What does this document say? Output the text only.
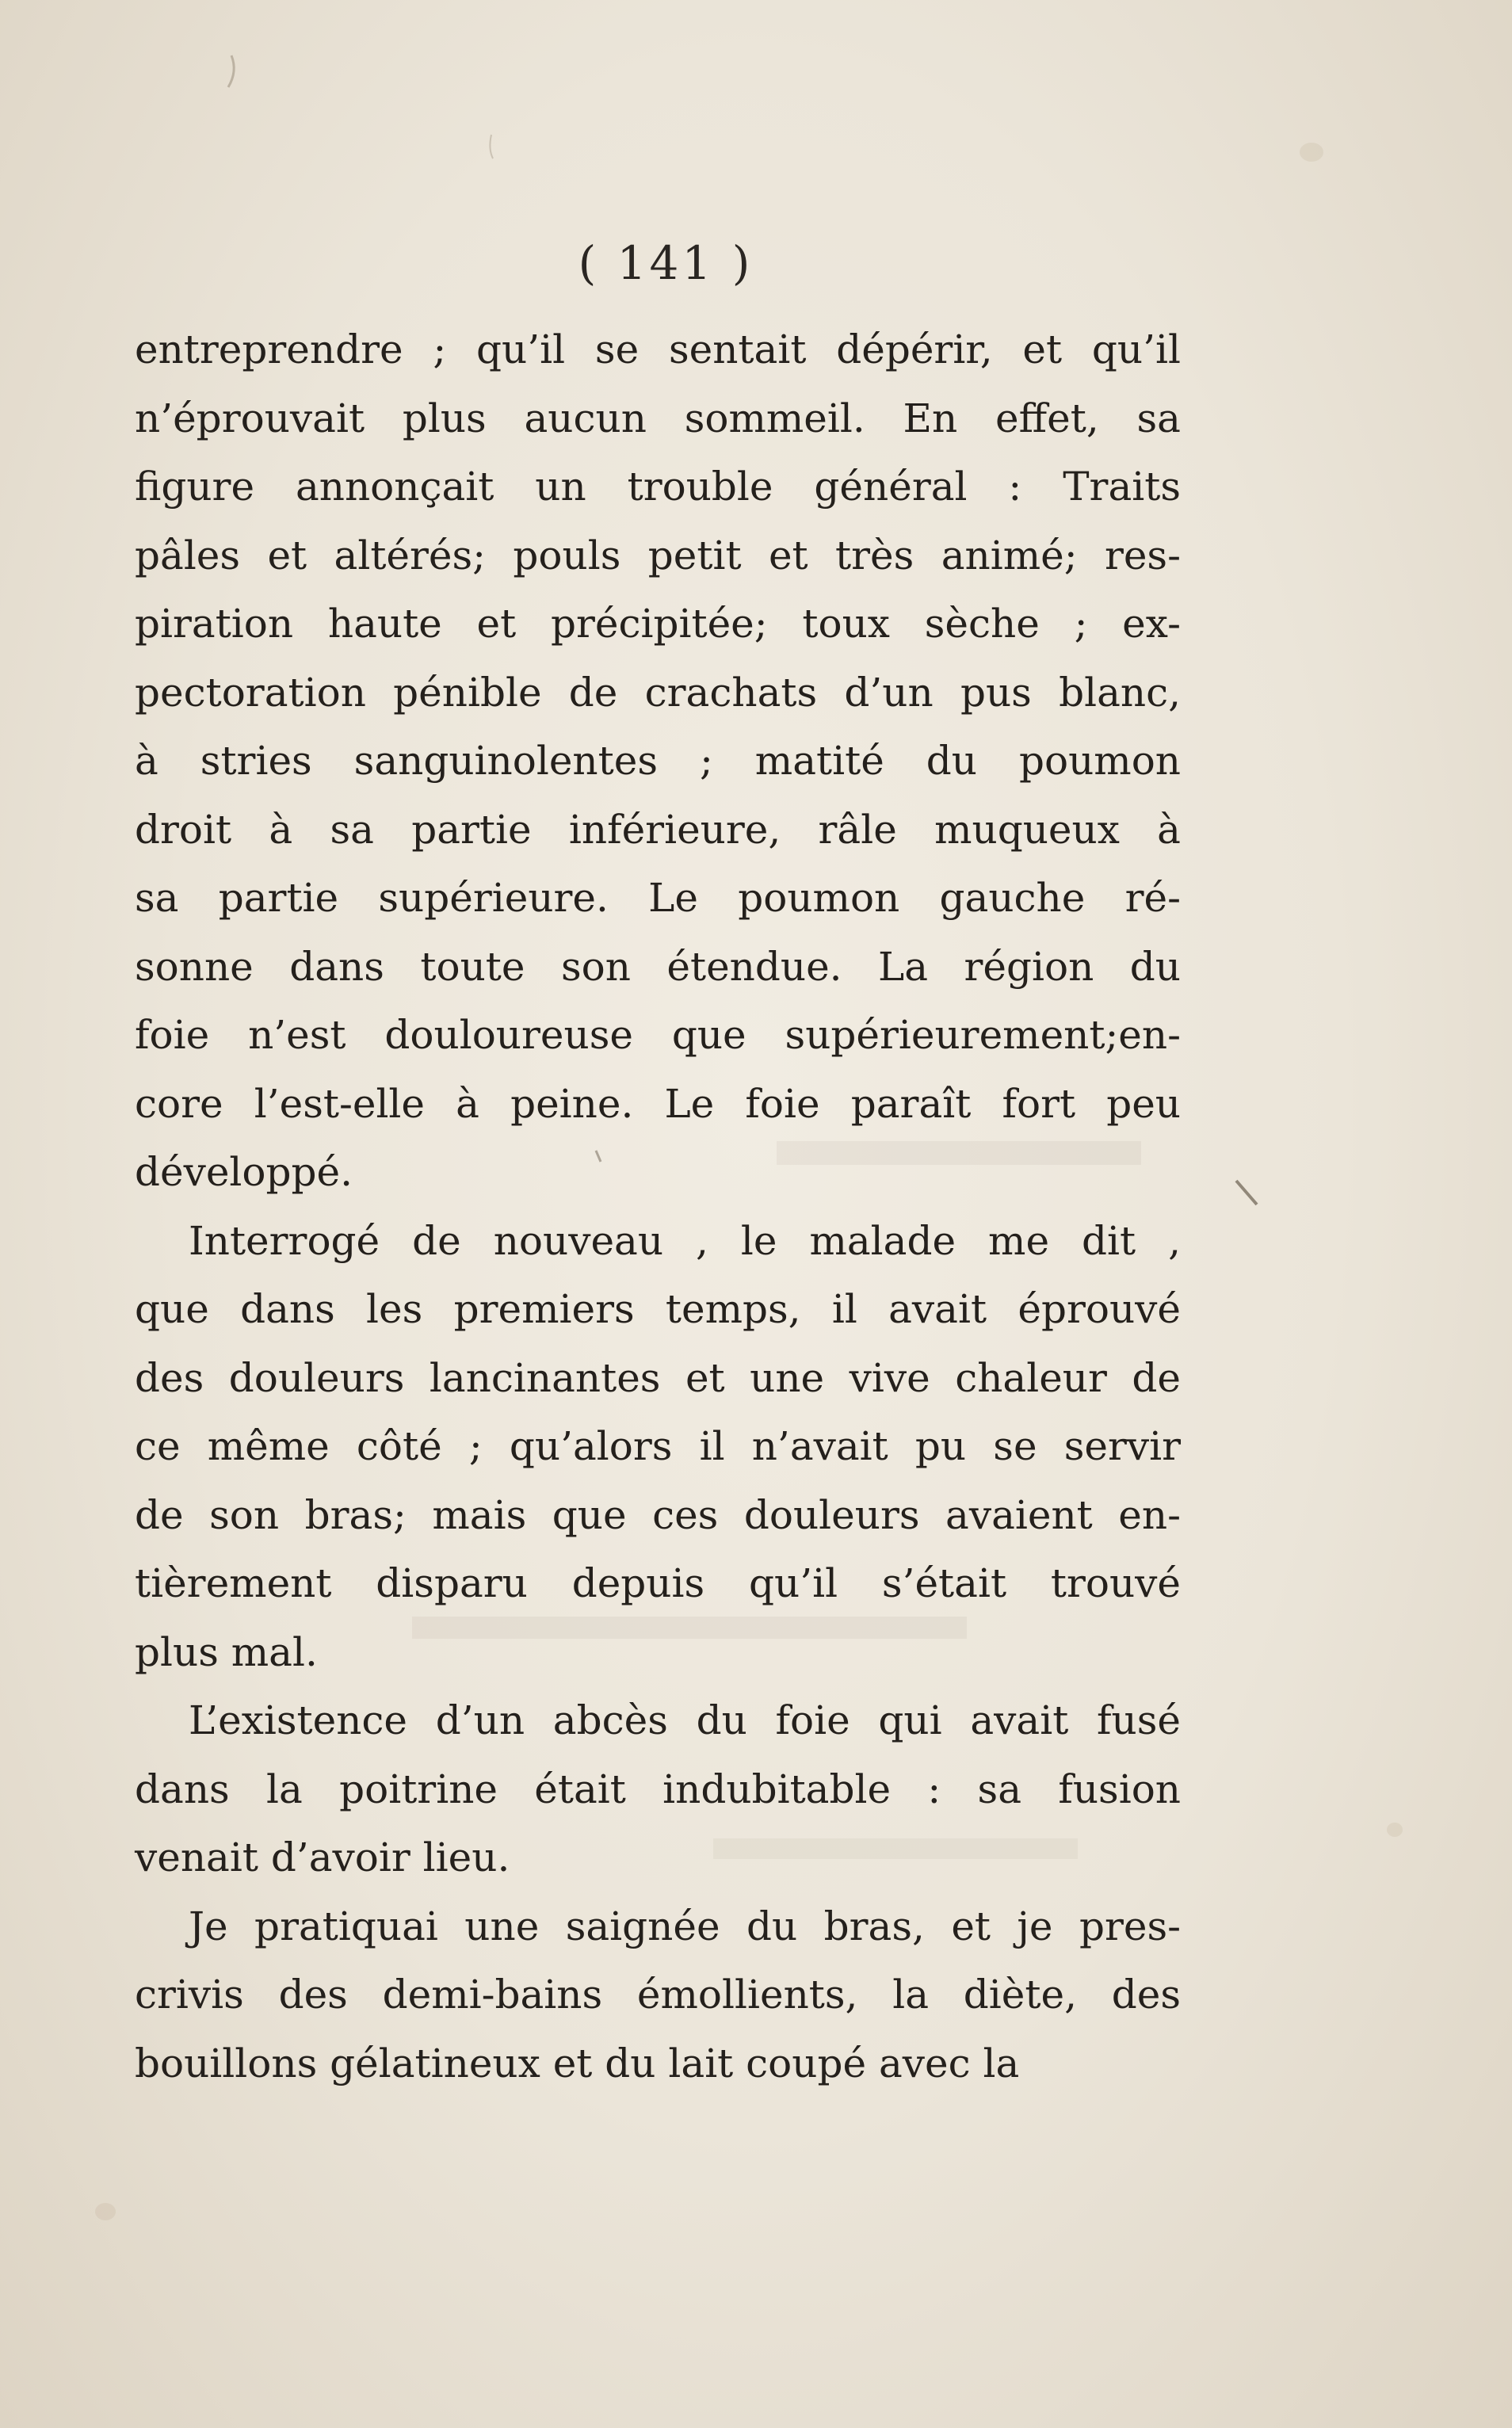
( 141 )
entreprendre ; qu’il se sentait dépérir, et qu’il
n’éprouvait plus aucun sommeil. En effet, sa
figure annonçait un trouble général : Traits
pâles et altérés; pouls petit et très animé; res-
piration haute et précipitée; toux sèche ; ex-
pectoration pénible de crachats d’un pus blanc,
à stries sanguinolentes ; matité du poumon
droit à sa partie inférieure, râle muqueux à
sa partie supérieure. Le poumon gauche ré-
sonne dans toute son étendue. La région du
foie n’est douloureuse que supérieurement;en-
core l’est-elle à peine. Le foie paraît fort peu
développé.
Interrogé de nouveau , le malade me dit ,
que dans les premiers temps, il avait éprouvé
des douleurs lancinantes et une vive chaleur de
ce même côté ; qu’alors il n’avait pu se servir
de son bras; mais que ces douleurs avaient en-
tièrement disparu depuis qu’il s’était trouvé
plus mal.
L’existence d’un abcès du foie qui avait fusé
dans la poitrine était indubitable : sa fusion
venait d’avoir lieu.
Je pratiquai une saignée du bras, et je pres-
crivis des demi-bains émollients, la diète, des
bouillons gélatineux et du lait coupé avec la
